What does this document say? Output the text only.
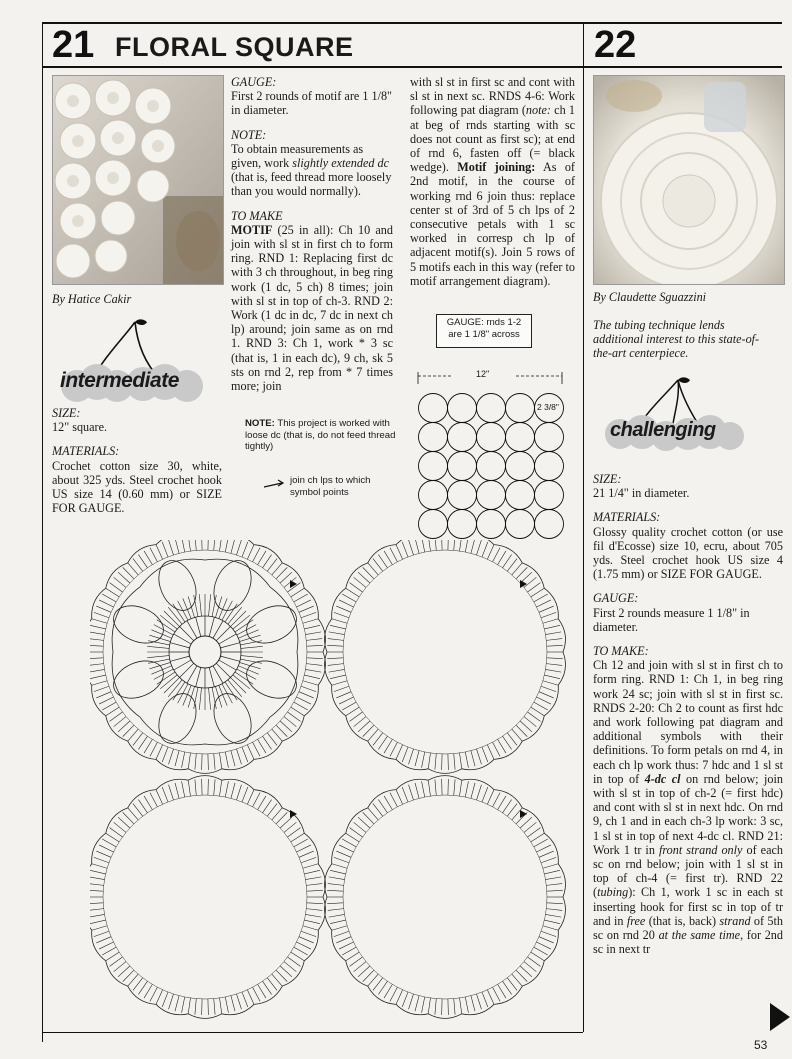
21 FLORAL SQUARE	22
By Hatice Cakir
intermediate
SIZE:

12" square.

MATERIALS:

Crochet cotton size 30, white, about 325 yds. Steel crochet hook US size 14 (0.60 mm) or SIZE FOR GAUGE.

GAUGE:

First 2 rounds of motif are 1 1/8" in diameter.

NOTE:

To obtain measurements as given, work slightly extended dc (that is, feed thread more loosely than you would normally).

TO MAKE

MOTIF (25 in all): Ch 10 and join with sl st in first ch to form ring. RND 1: Replacing first dc with 3 ch throughout, in beg ring work (1 dc, 5 ch) 8 times; join with sl st in top of ch-3. RND 2: Work (1 dc in dc, 7 dc in next ch lp) around; join same as on rnd 1. RND 3: Ch 1, work * 3 sc (that is, 1 in each dc), 9 ch, sk 5 sts on rnd 2, rep from * 7 times more; join

NOTE: This project is worked with loose dc (that is, do not feed thread tightly)
join ch lps to which symbol points

with sl st in first sc and cont with sl st in next sc. RNDS 4-6: Work following pat diagram (note: ch 1 at beg of rnds starting with sc does not count as first sc); at end of rnd 6, fasten off (= black wedge). Motif joining: As of 2nd motif, in the course of working rnd 6 join thus: replace center st of 3rd of 5 ch lps of 2 consecutive petals with 1 sc worked in corresp ch lp of adjacent motif(s). Join 5 rows of 5 motifs each in this way (refer to motif arrangement diagram).

GAUGE: rnds 1-2
are 1 1/8" across
12"
2 3/8"
By Claudette Sguazzini
The tubing technique lends additional interest to this state-of-the-art centerpiece.
challenging
SIZE:

21 1/4" in diameter.

MATERIALS:

Glossy quality crochet cotton (or use fil d'Ecosse) size 10, ecru, about 705 yds. Steel crochet hook US size 4 (1.75 mm) or SIZE FOR GAUGE.

GAUGE:

First 2 rounds measure 1 1/8" in diameter.

TO MAKE:

Ch 12 and join with sl st in first ch to form ring. RND 1: Ch 1, in beg ring work 24 sc; join with sl st in first sc. RNDS 2-20: Ch 2 to count as first hdc and work following pat diagram and additional symbols with their definitions. To form petals on rnd 4, in each ch lp work thus: 7 hdc and 1 sl st in top of 4-dc cl on rnd below; join with sl st in top of ch-2 (= first hdc) and cont with sl st in next hdc. On rnd 9, ch 1 and in each ch-3 lp work: 3 sc, 1 sl st in top of next 4-dc cl. RND 21: Work 1 tr in front strand only of each sc on rnd below; join with 1 sl st in top of ch-4 (= first tr). RND 22 (tubing): Ch 1, work 1 sc in each st inserting hook for first sc in top of tr and in free (that is, back) strand of 5th sc on rnd 20 at the same time, for 2nd sc in next tr

53
